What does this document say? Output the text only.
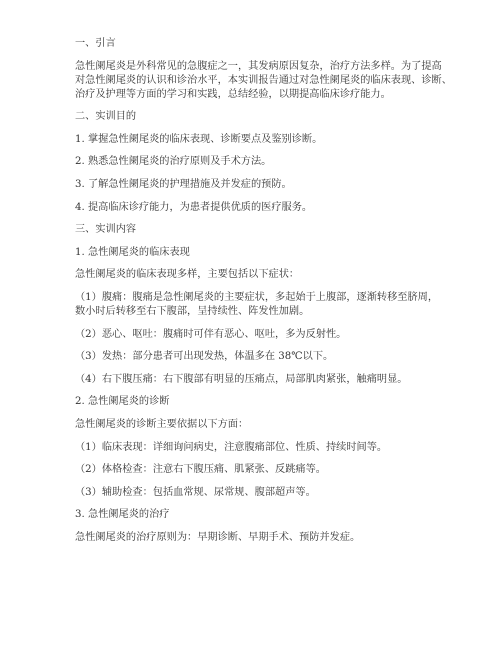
一、引言

急性阑尾炎是外科常见的急腹症之一，其发病原因复杂，治疗方法多样。为了提高

对急性阑尾炎的认识和诊治水平，本实训报告通过对急性阑尾炎的临床表现、诊断、

治疗及护理等方面的学习和实践，总结经验，以期提高临床诊疗能力。

二、实训目的

1. 掌握急性阑尾炎的临床表现、诊断要点及鉴别诊断。

2. 熟悉急性阑尾炎的治疗原则及手术方法。

3. 了解急性阑尾炎的护理措施及并发症的预防。

4. 提高临床诊疗能力，为患者提供优质的医疗服务。

三、实训内容

1. 急性阑尾炎的临床表现

急性阑尾炎的临床表现多样，主要包括以下症状：

（1）腹痛：腹痛是急性阑尾炎的主要症状，多起始于上腹部，逐渐转移至脐周，

数小时后转移至右下腹部，呈持续性、阵发性加剧。

（2）恶心、呕吐：腹痛时可伴有恶心、呕吐，多为反射性。

（3）发热：部分患者可出现发热，体温多在 38℃以下。

（4）右下腹压痛：右下腹部有明显的压痛点，局部肌肉紧张，触痛明显。

2. 急性阑尾炎的诊断

急性阑尾炎的诊断主要依据以下方面：

（1）临床表现：详细询问病史，注意腹痛部位、性质、持续时间等。

（2）体格检查：注意右下腹压痛、肌紧张、反跳痛等。

（3）辅助检查：包括血常规、尿常规、腹部超声等。

3. 急性阑尾炎的治疗

急性阑尾炎的治疗原则为：早期诊断、早期手术、预防并发症。
